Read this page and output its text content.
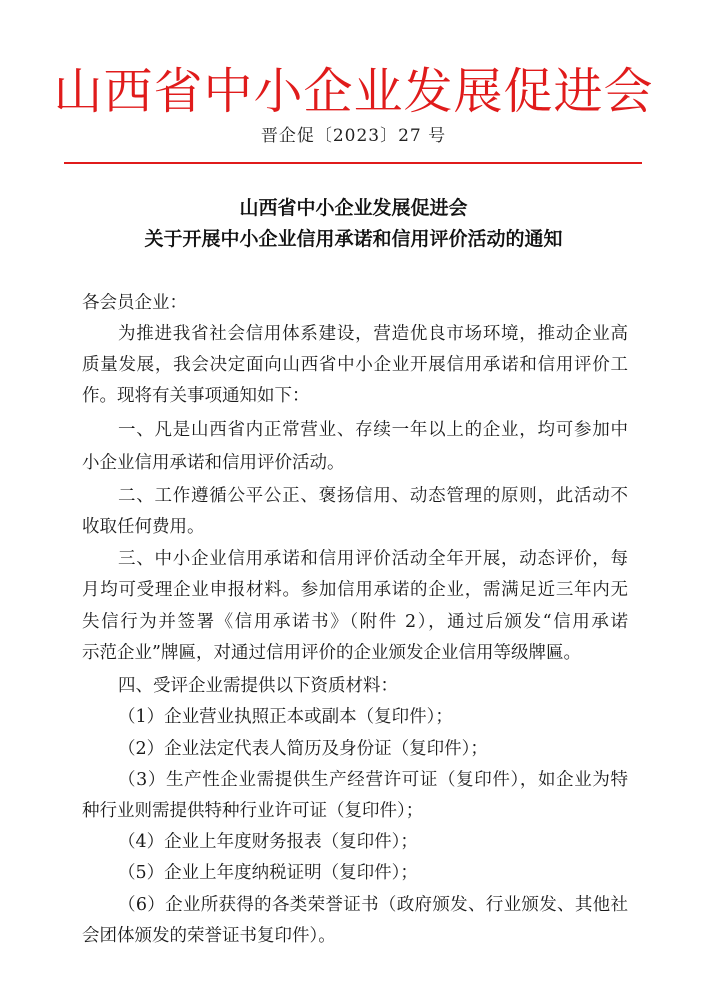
山西省中小企业发展促进会
晋企促〔2023〕27 号
山西省中小企业发展促进会
关于开展中小企业信用承诺和信用评价活动的通知
各会员企业：
为推进我省社会信用体系建设，营造优良市场环境，推动企业高
质量发展，我会决定面向山西省中小企业开展信用承诺和信用评价工
作。现将有关事项通知如下：
一、凡是山西省内正常营业、存续一年以上的企业，均可参加中
小企业信用承诺和信用评价活动。
二、工作遵循公平公正、褒扬信用、动态管理的原则，此活动不
收取任何费用。
三、中小企业信用承诺和信用评价活动全年开展，动态评价，每
月均可受理企业申报材料。参加信用承诺的企业，需满足近三年内无
失信行为并签署《信用承诺书》（附件 2），通过后颁发“信用承诺
示范企业”牌匾，对通过信用评价的企业颁发企业信用等级牌匾。
四、受评企业需提供以下资质材料：
（1）企业营业执照正本或副本（复印件）；
（2）企业法定代表人简历及身份证（复印件）；
（3）生产性企业需提供生产经营许可证（复印件），如企业为特
种行业则需提供特种行业许可证（复印件）；
（4）企业上年度财务报表（复印件）；
（5）企业上年度纳税证明（复印件）；
（6）企业所获得的各类荣誉证书（政府颁发、行业颁发、其他社
会团体颁发的荣誉证书复印件）。
